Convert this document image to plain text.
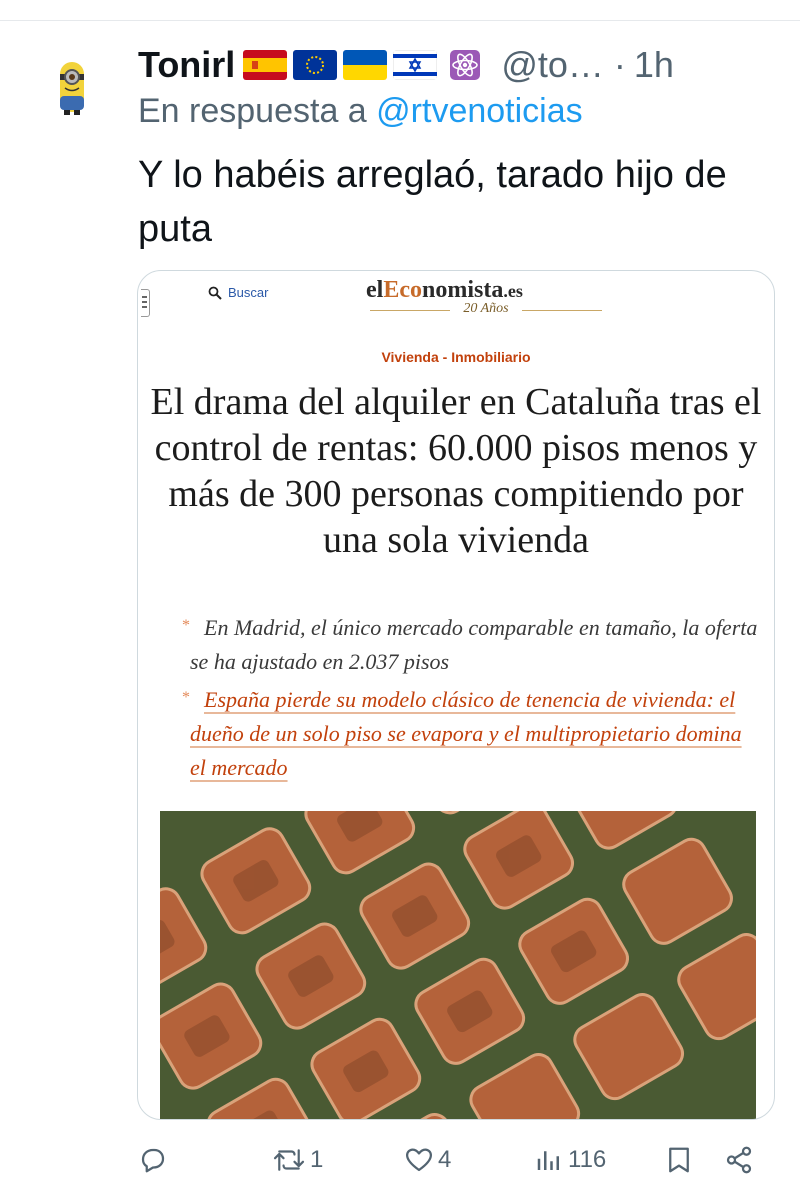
Tonirl	@to… · 1h
En respuesta a @rtvenoticias
Y lo habéis arreglaó, tarado hijo de puta
Buscar	elEconomista.es
20 Años
Vivienda - Inmobiliario
El drama del alquiler en Cataluña tras el control de rentas: 60.000 pisos menos y más de 300 personas compitiendo por una sola vivienda
* En Madrid, el único mercado comparable en tamaño, la oferta se ha ajustado en 2.037 pisos
* España pierde su modelo clásico de tenencia de vivienda: el dueño de un solo piso se evapora y el multipropietario domina el mercado
1	4	116
